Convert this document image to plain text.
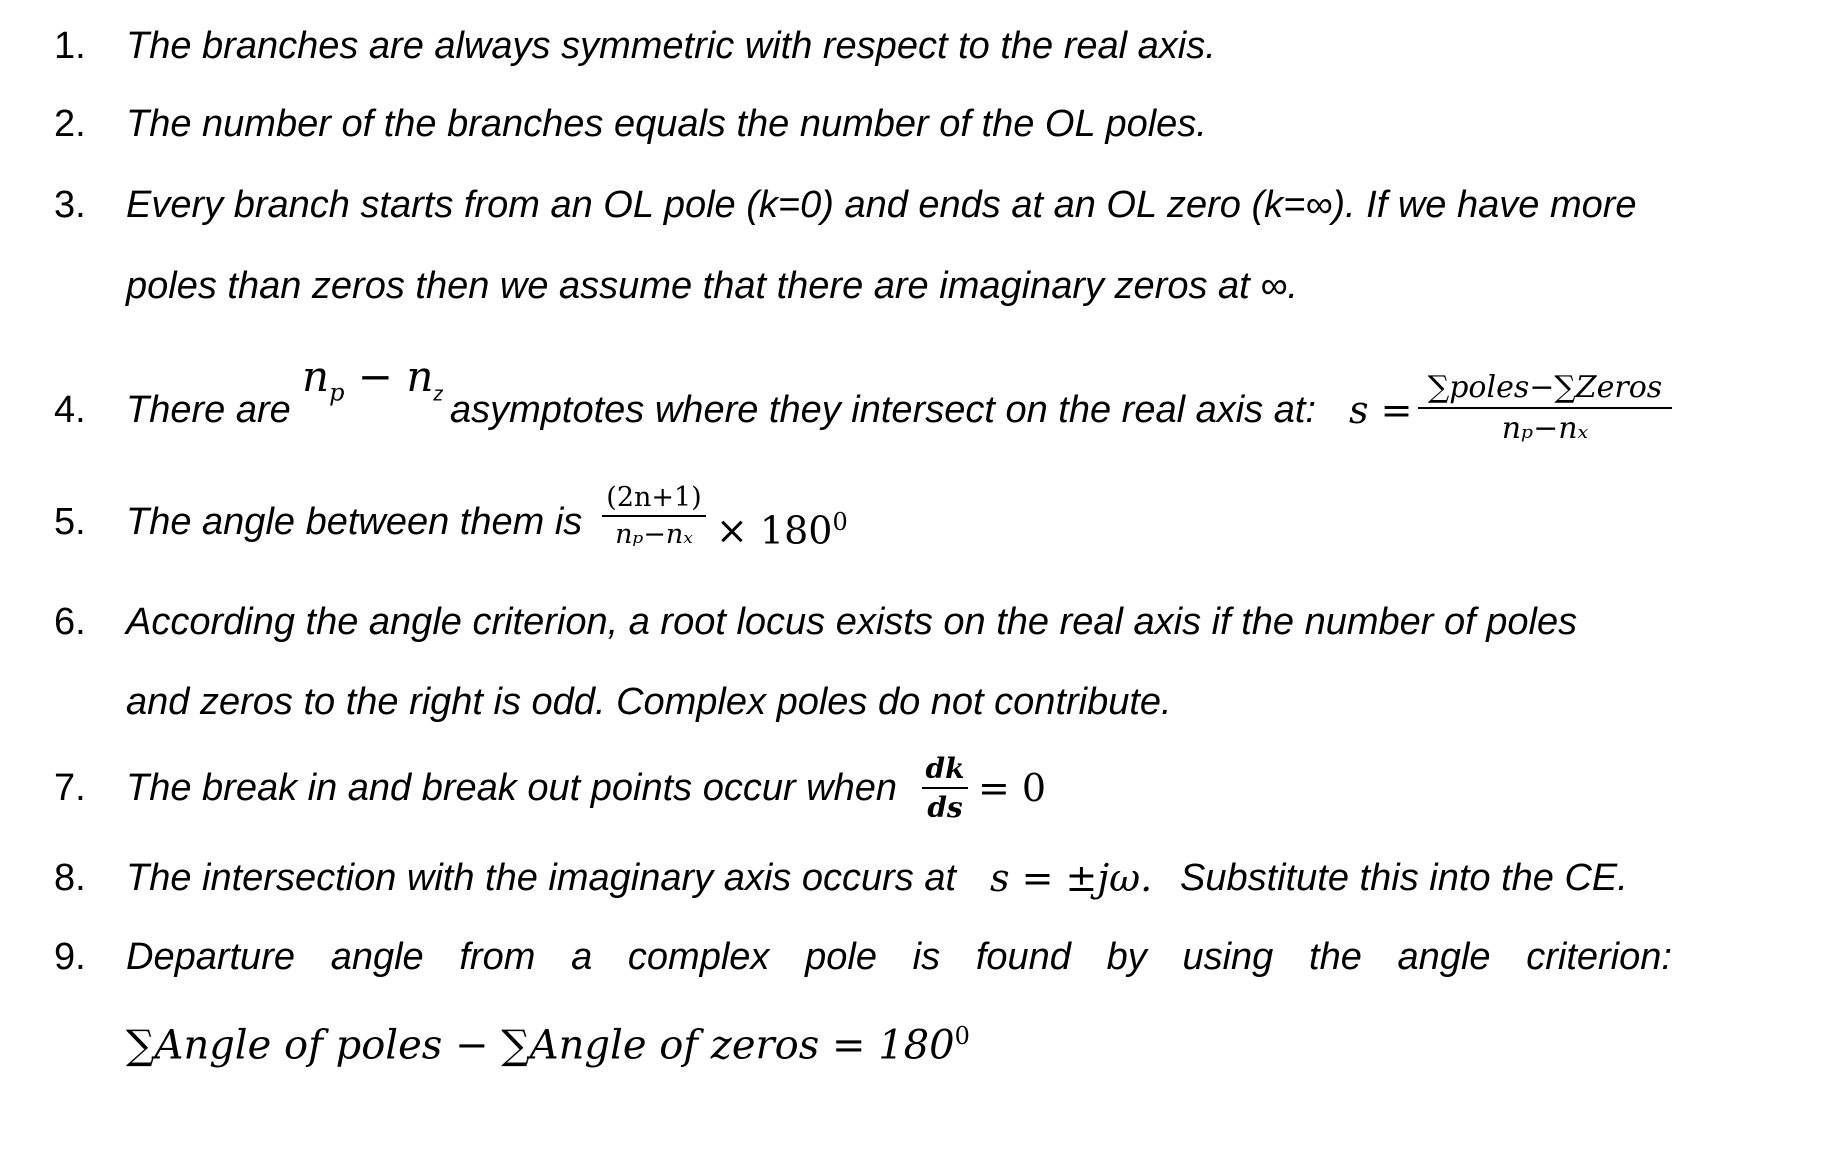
1. The branches are always symmetric with respect to the real axis.
2. The number of the branches equals the number of the OL poles.
3. Every branch starts from an OL pole (k=0) and ends at an OL zero (k=∞). If we have more
poles than zeros then we assume that there are imaginary zeros at ∞.
4. There are
$n_p - n_z$ asymptotes where they intersect on the real axis at: s =
∑poles−∑Zeros
nₚ−nₓ
5. The angle between them is
(2n+1)
$n_p-n_x \times 180^0$
6. According the angle criterion, a root locus exists on the real axis if the number of poles
and zeros to the right is odd. Complex poles do not contribute.
7. The break in and break out points occur when dk
ds = 0
8. The intersection with the imaginary axis occurs at s = ±jω. Substitute this into the CE.
9. Departure angle from a complex pole is found by using the angle criterion:
∑Angle of poles − ∑Angle of zeros = $180^0$
